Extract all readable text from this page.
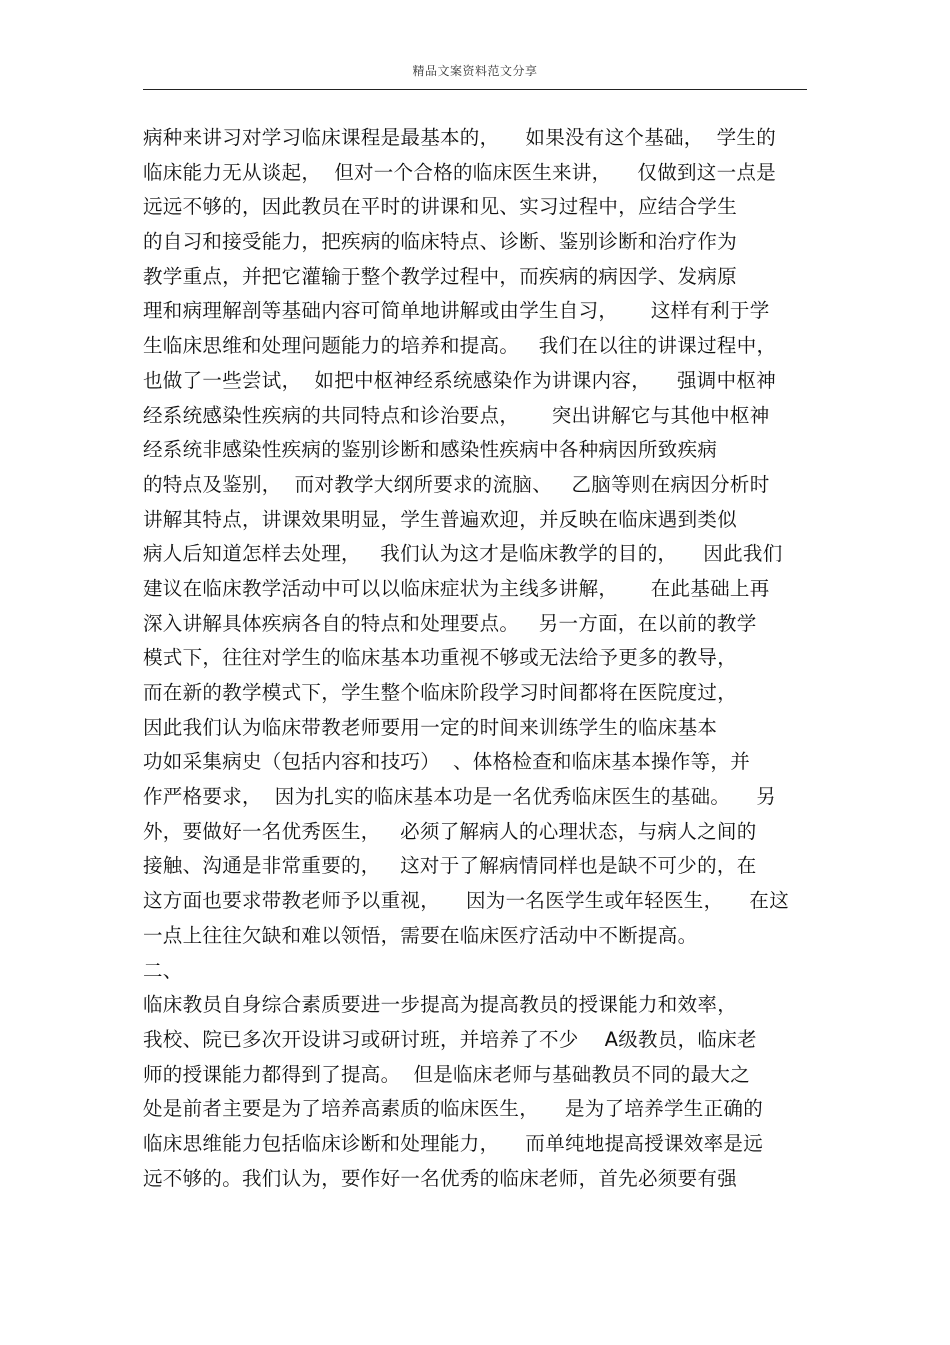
精品文案资料范文分享
病种来讲习对学习临床课程是最基本的，    如果没有这个基础，  学生的
临床能力无从谈起，  但对一个合格的临床医生来讲，    仅做到这一点是
远远不够的，因此教员在平时的讲课和见、实习过程中，应结合学生
的自习和接受能力，把疾病的临床特点、诊断、鉴别诊断和治疗作为
教学重点，并把它灌输于整个教学过程中，而疾病的病因学、发病原
理和病理解剖等基础内容可简单地讲解或由学生自习，     这样有利于学
生临床思维和处理问题能力的培养和提高。   我们在以往的讲课过程中，
也做了一些尝试，  如把中枢神经系统感染作为讲课内容，    强调中枢神
经系统感染性疾病的共同特点和诊治要点，     突出讲解它与其他中枢神
经系统非感染性疾病的鉴别诊断和感染性疾病中各种病因所致疾病
的特点及鉴别，  而对教学大纲所要求的流脑、   乙脑等则在病因分析时
讲解其特点，讲课效果明显，学生普遍欢迎，并反映在临床遇到类似
病人后知道怎样去处理，   我们认为这才是临床教学的目的，    因此我们
建议在临床教学活动中可以以临床症状为主线多讲解，     在此基础上再
深入讲解具体疾病各自的特点和处理要点。   另一方面，在以前的教学
模式下，往往对学生的临床基本功重视不够或无法给予更多的教导，
而在新的教学模式下，学生整个临床阶段学习时间都将在医院度过，
因此我们认为临床带教老师要用一定的时间来训练学生的临床基本
功如采集病史（包括内容和技巧）  、体格检查和临床基本操作等，并
作严格要求，  因为扎实的临床基本功是一名优秀临床医生的基础。    另
外，要做好一名优秀医生，   必须了解病人的心理状态，与病人之间的
接触、沟通是非常重要的，   这对于了解病情同样也是缺不可少的，在
这方面也要求带教老师予以重视，    因为一名医学生或年轻医生，    在这
一点上往往欠缺和难以领悟，需要在临床医疗活动中不断提高。
二、
临床教员自身综合素质要进一步提高为提高教员的授课能力和效率，
我校、院已多次开设讲习或研讨班，并培养了不少    A级教员，临床老
师的授课能力都得到了提高。  但是临床老师与基础教员不同的最大之
处是前者主要是为了培养高素质的临床医生，    是为了培养学生正确的
临床思维能力包括临床诊断和处理能力，    而单纯地提高授课效率是远
远不够的。我们认为，要作好一名优秀的临床老师，首先必须要有强
